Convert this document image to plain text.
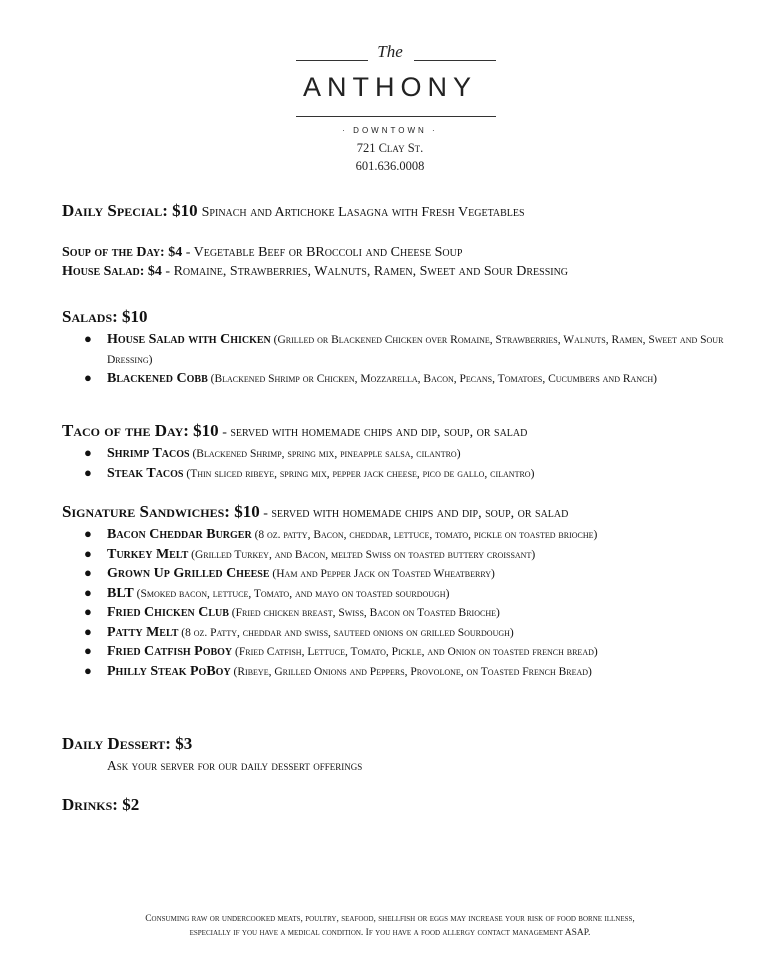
The
ANTHONY
· DOWNTOWN ·
721 Clay St.
601.636.0008
Daily Special: $10 Spinach and Artichoke Lasagna with Fresh Vegetables
Soup of the Day: $4 - Vegetable Beef or BRoccoli and Cheese Soup
House Salad: $4 - Romaine, Strawberries, Walnuts, Ramen, Sweet and Sour Dressing
Salads: $10
● House Salad with Chicken (Grilled or Blackened Chicken over Romaine, Strawberries, Walnuts, Ramen, Sweet and Sour Dressing)
● Blackened Cobb (Blackened Shrimp or Chicken, Mozzarella, Bacon, Pecans, Tomatoes, Cucumbers and Ranch)
Taco of the Day: $10 - served with homemade chips and dip, soup, or salad
● Shrimp Tacos (Blackened Shrimp, spring mix, pineapple salsa, cilantro)
● Steak Tacos (Thin sliced ribeye, spring mix, pepper jack cheese, pico de gallo, cilantro)
Signature Sandwiches: $10 - served with homemade chips and dip, soup, or salad
● Bacon Cheddar Burger (8 oz. patty, Bacon, cheddar, lettuce, tomato, pickle on toasted brioche)
● Turkey Melt (Grilled Turkey, and Bacon, melted Swiss on toasted buttery croissant)
● Grown Up Grilled Cheese (Ham and Pepper Jack on Toasted Wheatberry)
● BLT (Smoked bacon, lettuce, Tomato, and mayo on toasted sourdough)
● Fried Chicken Club (Fried chicken breast, Swiss, Bacon on Toasted Brioche)
● Patty Melt (8 oz. Patty, cheddar and swiss, sauteed onions on grilled Sourdough)
● Fried Catfish Poboy (Fried Catfish, Lettuce, Tomato, Pickle, and Onion on toasted french bread)
● Philly Steak PoBoy (Ribeye, Grilled Onions and Peppers, Provolone, on Toasted French Bread)
Daily Dessert: $3
Ask your server for our daily dessert offerings
Drinks: $2
Consuming raw or undercooked meats, poultry, seafood, shellfish or eggs may increase your risk of food borne illness,
especially if you have a medical condition. If you have a food allergy contact management ASAP.
